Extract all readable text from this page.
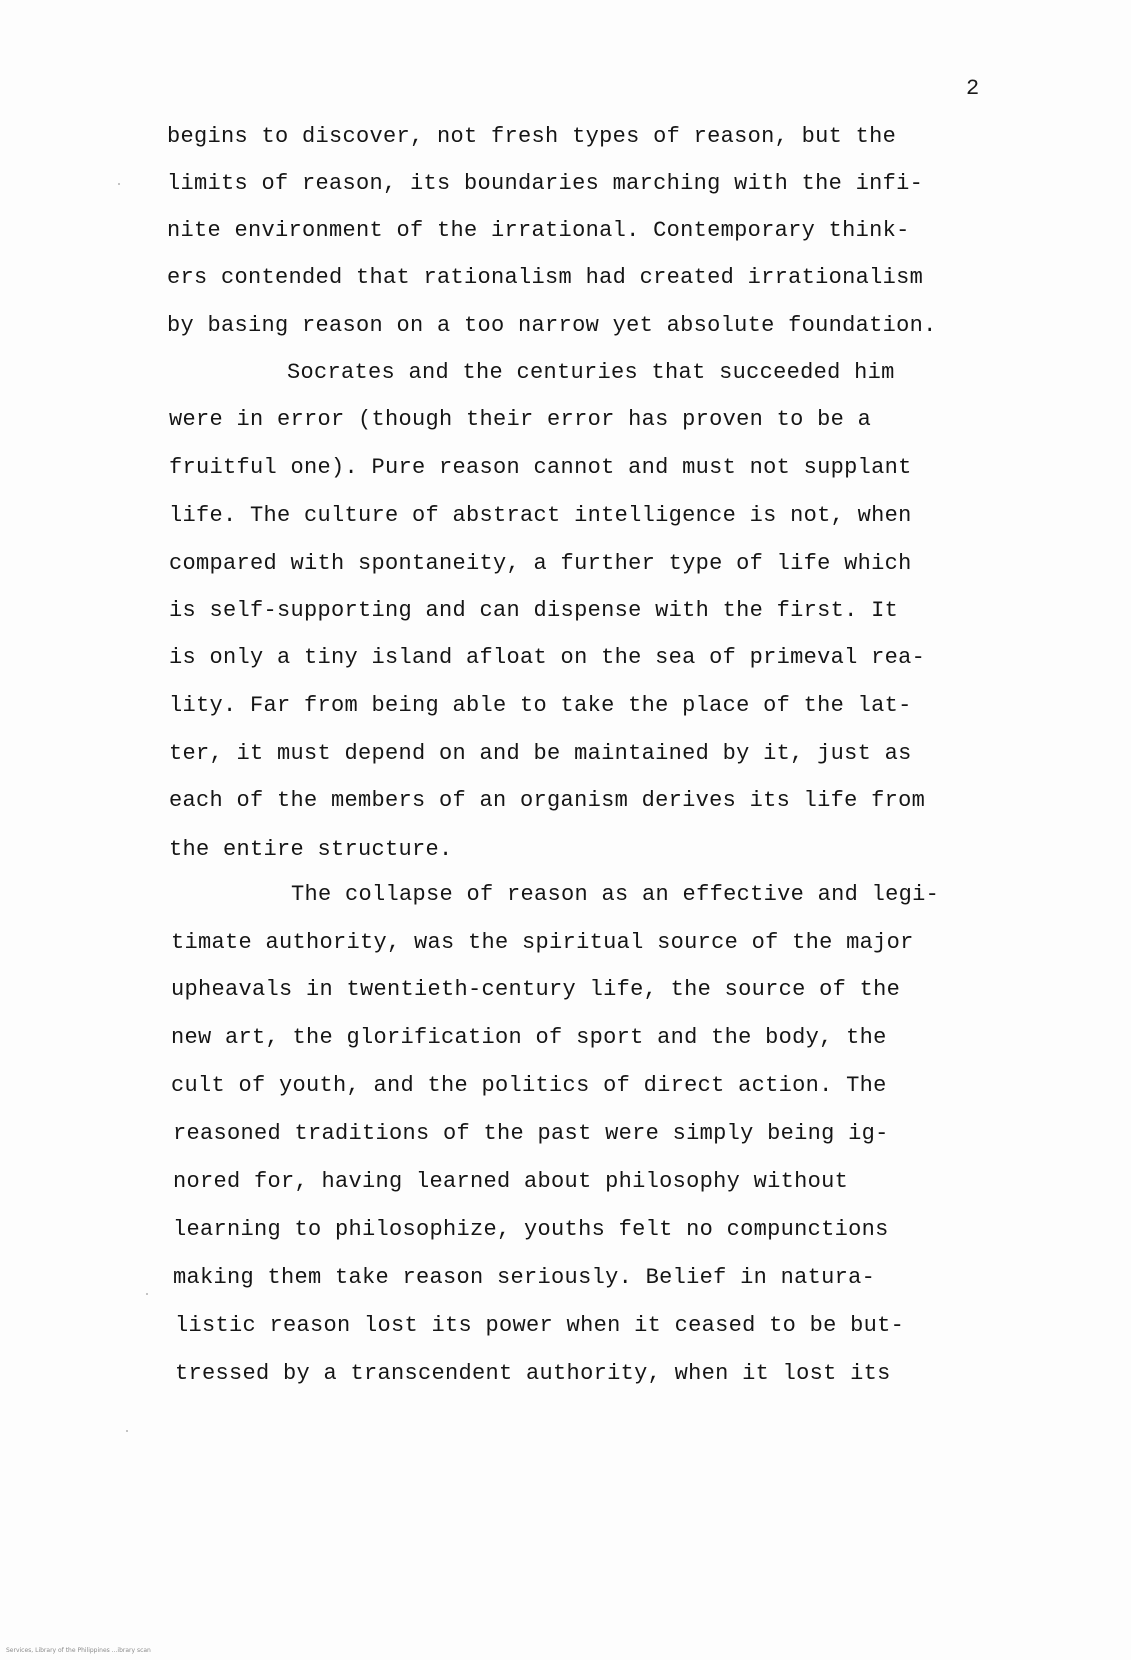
2
begins to discover, not fresh types of reason, but the
limits of reason, its boundaries marching with the infi-
nite environment of the irrational. Contemporary think-
ers contended that rationalism had created irrationalism
by basing reason on a too narrow yet absolute foundation.
Socrates and the centuries that succeeded him
were in error (though their error has proven to be a
fruitful one). Pure reason cannot and must not supplant
life. The culture of abstract intelligence is not, when
compared with spontaneity, a further type of life which
is self-supporting and can dispense with the first. It
is only a tiny island afloat on the sea of primeval rea-
lity. Far from being able to take the place of the lat-
ter, it must depend on and be maintained by it, just as
each of the members of an organism derives its life from
the entire structure.
The collapse of reason as an effective and legi-
timate authority, was the spiritual source of the major
upheavals in twentieth-century life, the source of the
new art, the glorification of sport and the body, the
cult of youth, and the politics of direct action. The
reasoned traditions of the past were simply being ig-
nored for, having learned about philosophy without
learning to philosophize, youths felt no compunctions
making them take reason seriously. Belief in natura-
listic reason lost its power when it ceased to be but-
tressed by a transcendent authority, when it lost its
Services, Library of the Philippines ...ibrary scan
